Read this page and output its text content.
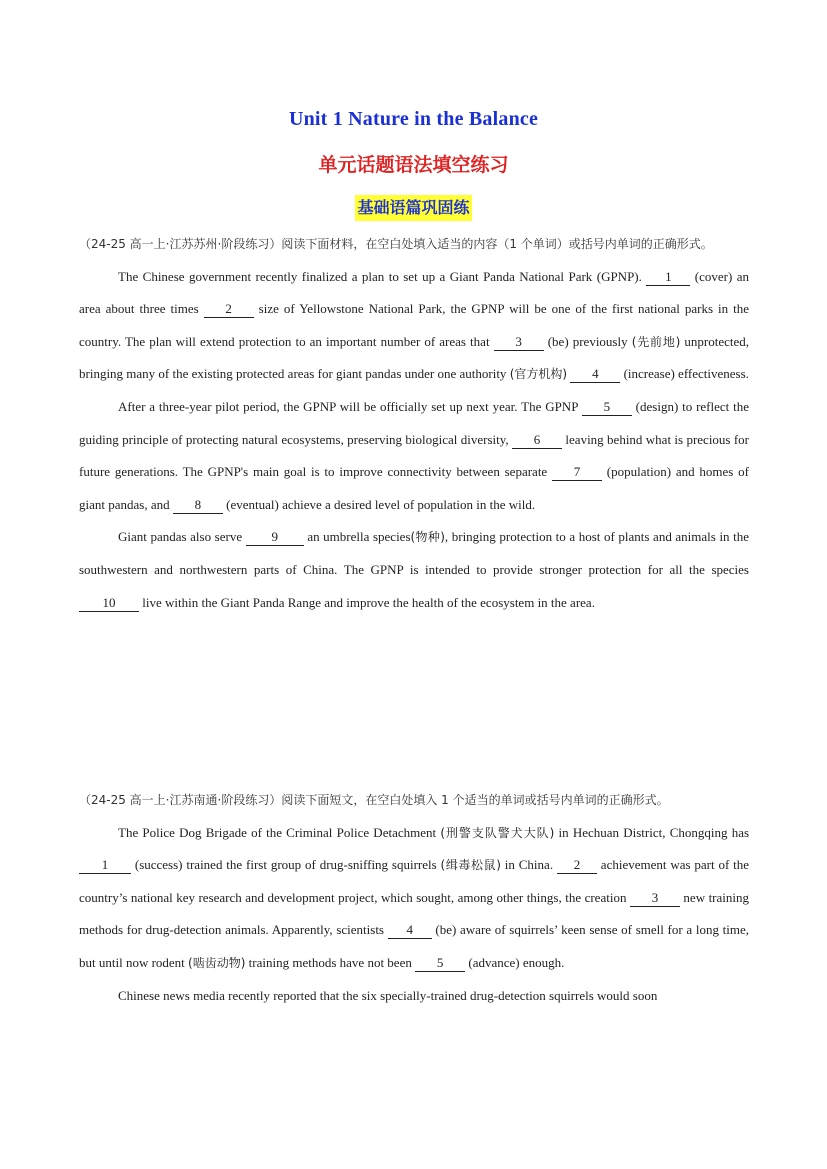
Unit 1 Nature in the Balance
单元话题语法填空练习
基础语篇巩固练

（24-25 高一上·江苏苏州·阶段练习）阅读下面材料，在空白处填入适当的内容（1 个单词）或括号内单词的正确形式。

The Chinese government recently finalized a plan to set up a Giant Panda National Park (GPNP). 1 (cover) an area about three times 2 size of Yellowstone National Park, the GPNP will be one of the first national parks in the country. The plan will extend protection to an important number of areas that 3 (be) previously (先前地) unprotected, bringing many of the existing protected areas for giant pandas under one authority (官方机构) 4 (increase) effectiveness.

After a three-year pilot period, the GPNP will be officially set up next year. The GPNP 5 (design) to reflect the guiding principle of protecting natural ecosystems, preserving biological diversity, 6 leaving behind what is precious for future generations. The GPNP's main goal is to improve connectivity between separate 7 (population) and homes of giant pandas, and 8 (eventual) achieve a desired level of population in the wild.

Giant pandas also serve 9 an umbrella species(物种), bringing protection to a host of plants and animals in the southwestern and northwestern parts of China. The GPNP is intended to provide stronger protection for all the species 10 live within the Giant Panda Range and improve the health of the ecosystem in the area.

（24-25 高一上·江苏南通·阶段练习）阅读下面短文，在空白处填入 1 个适当的单词或括号内单词的正确形式。

The Police Dog Brigade of the Criminal Police Detachment (刑警支队警犬大队) in Hechuan District, Chongqing has 1 (success) trained the first group of drug-sniffing squirrels (缉毒松鼠) in China. 2 achievement was part of the country’s national key research and development project, which sought, among other things, the creation 3 new training methods for drug-detection animals. Apparently, scientists 4 (be) aware of squirrels’ keen sense of smell for a long time, but until now rodent (啮齿动物) training methods have not been 5 (advance) enough.

Chinese news media recently reported that the six specially-trained drug-detection squirrels would soon
